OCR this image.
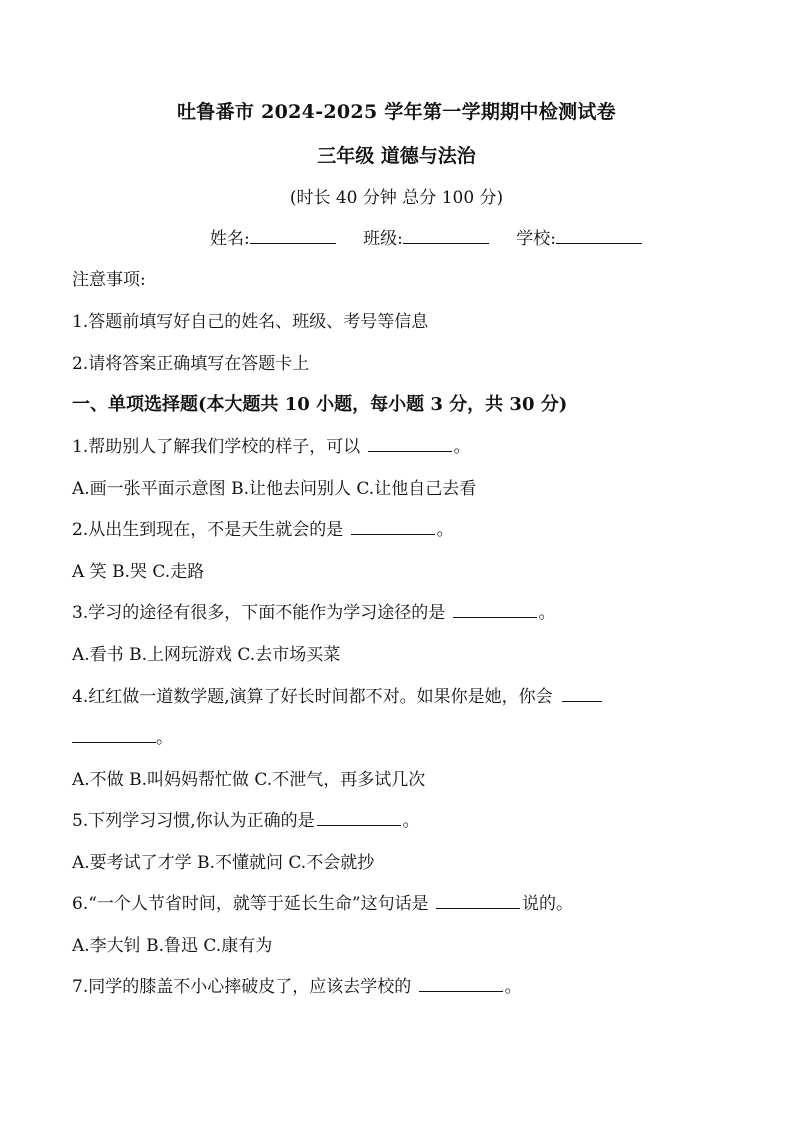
吐鲁番市 2024-2025 学年第一学期期中检测试卷
三年级 道德与法治
(时长 40 分钟 总分 100 分)
姓名:	班级:	学校:
注意事项:
1.答题前填写好自己的姓名、班级、考号等信息
2.请将答案正确填写在答题卡上
一、单项选择题(本大题共 10 小题，每小题 3 分，共 30 分)
1.帮助别人了解我们学校的样子，可以	。
A.画一张平面示意图 B.让他去问别人 C.让他自己去看
2.从出生到现在，不是天生就会的是	。
A 笑 B.哭 C.走路
3.学习的途径有很多，下面不能作为学习途径的是	。
A.看书 B.上网玩游戏 C.去市场买菜
4.红红做一道数学题,演算了好长时间都不对。如果你是她，你会
。
A.不做 B.叫妈妈帮忙做 C.不泄气，再多试几次
5.下列学习习惯,你认为正确的是	。
A.要考试了才学 B.不懂就问 C.不会就抄
6.“一个人节省时间，就等于延长生命”这句话是	说的。
A.李大钊 B.鲁迅 C.康有为
7.同学的膝盖不小心摔破皮了，应该去学校的	。
